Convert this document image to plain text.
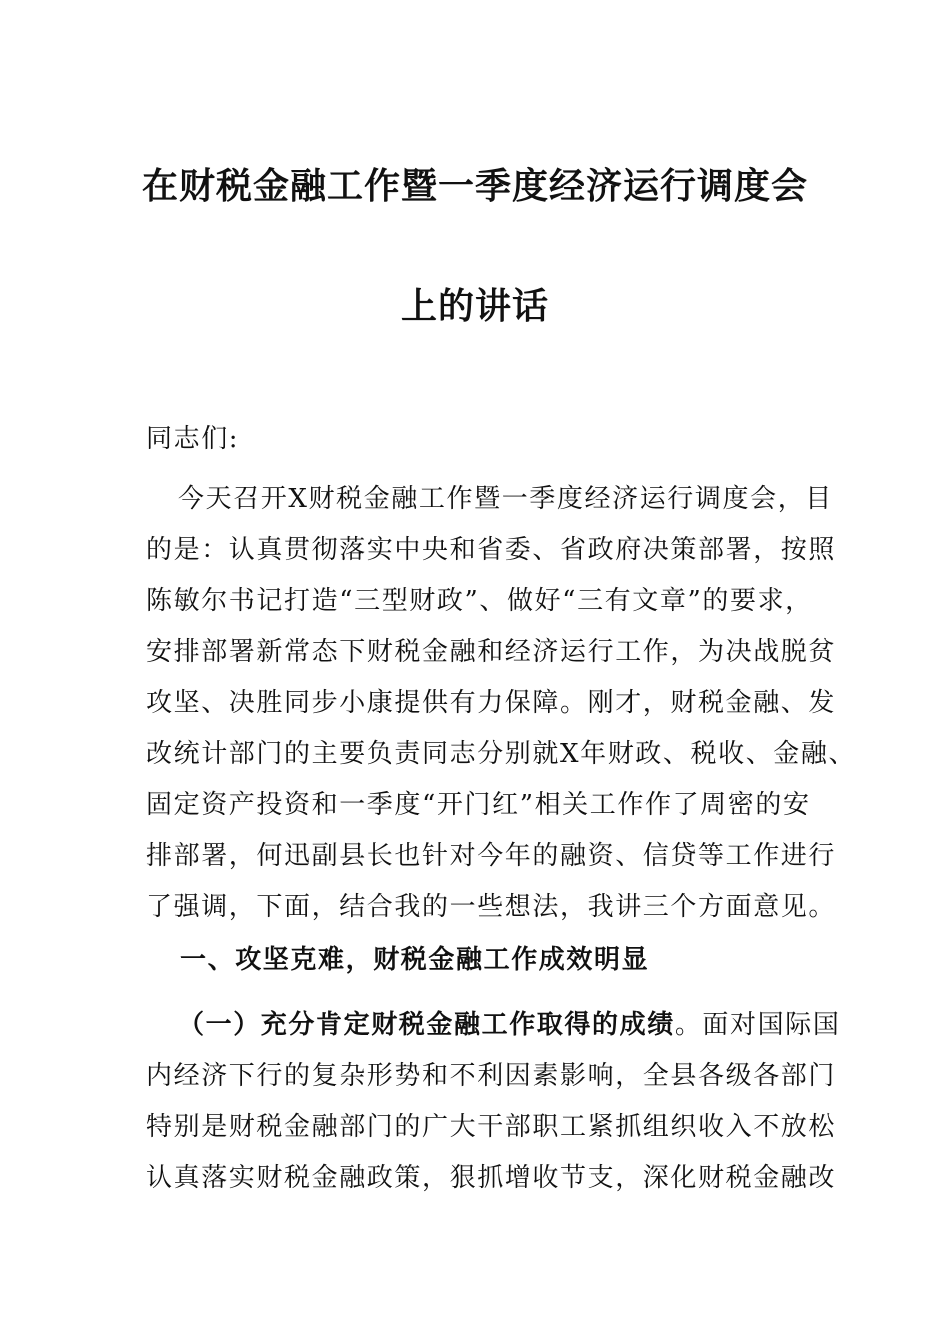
在财税金融工作暨一季度经济运行调度会
上的讲话
同志们:
今天召开X财税金融工作暨一季度经济运行调度会，目
的是：认真贯彻落实中央和省委、省政府决策部署，按照
陈敏尔书记打造“三型财政”、做好“三有文章”的要求，
安排部署新常态下财税金融和经济运行工作，为决战脱贫
攻坚、决胜同步小康提供有力保障。刚才，财税金融、发
改统计部门的主要负责同志分别就X年财政、税收、金融、
固定资产投资和一季度“开门红”相关工作作了周密的安
排部署，何迅副县长也针对今年的融资、信贷等工作进行
了强调，下面，结合我的一些想法，我讲三个方面意见。
一、攻坚克难，财税金融工作成效明显
（一）充分肯定财税金融工作取得的成绩。面对国际国
内经济下行的复杂形势和不利因素影响，全县各级各部门
特别是财税金融部门的广大干部职工紧抓组织收入不放松
认真落实财税金融政策，狠抓增收节支，深化财税金融改
